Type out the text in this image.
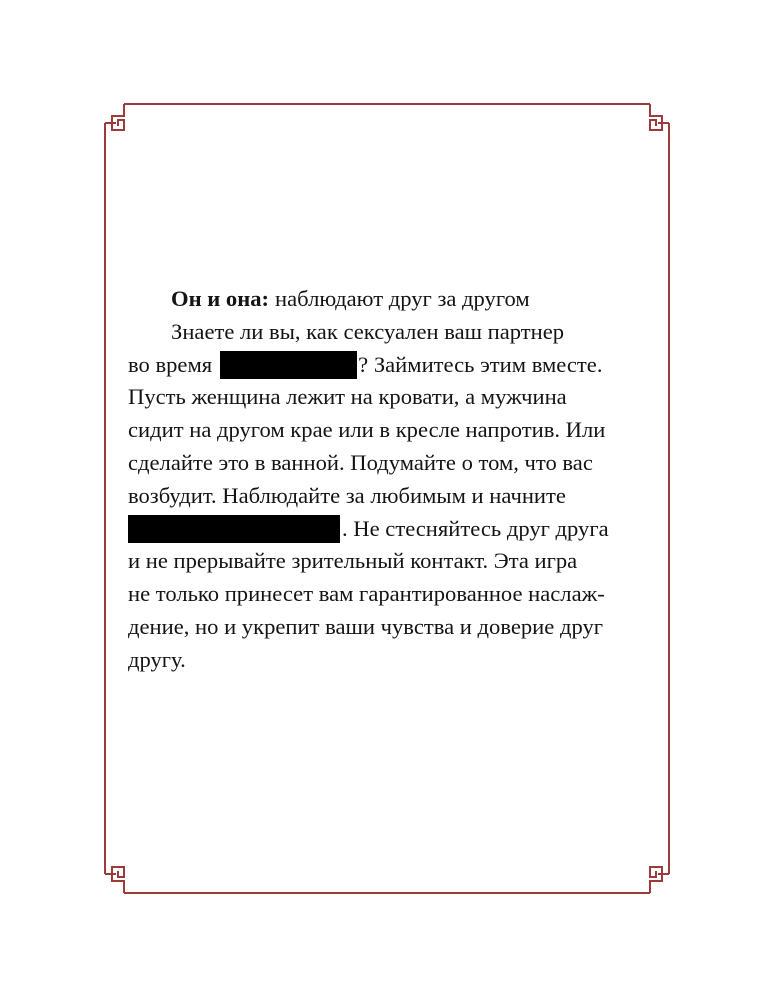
Он и она: наблюдают друг за другом
Знаете ли вы, как сексуален ваш партнер
во время	? Займитесь этим вместе.
Пусть женщина лежит на кровати, а мужчина
сидит на другом крае или в кресле напротив. Или
сделайте это в ванной. Подумайте о том, что вас
возбудит. Наблюдайте за любимым и начните
. Не стесняйтесь друг друга
и не прерывайте зрительный контакт. Эта игра
не только принесет вам гарантированное наслаж-
дение, но и укрепит ваши чувства и доверие друг
другу.
